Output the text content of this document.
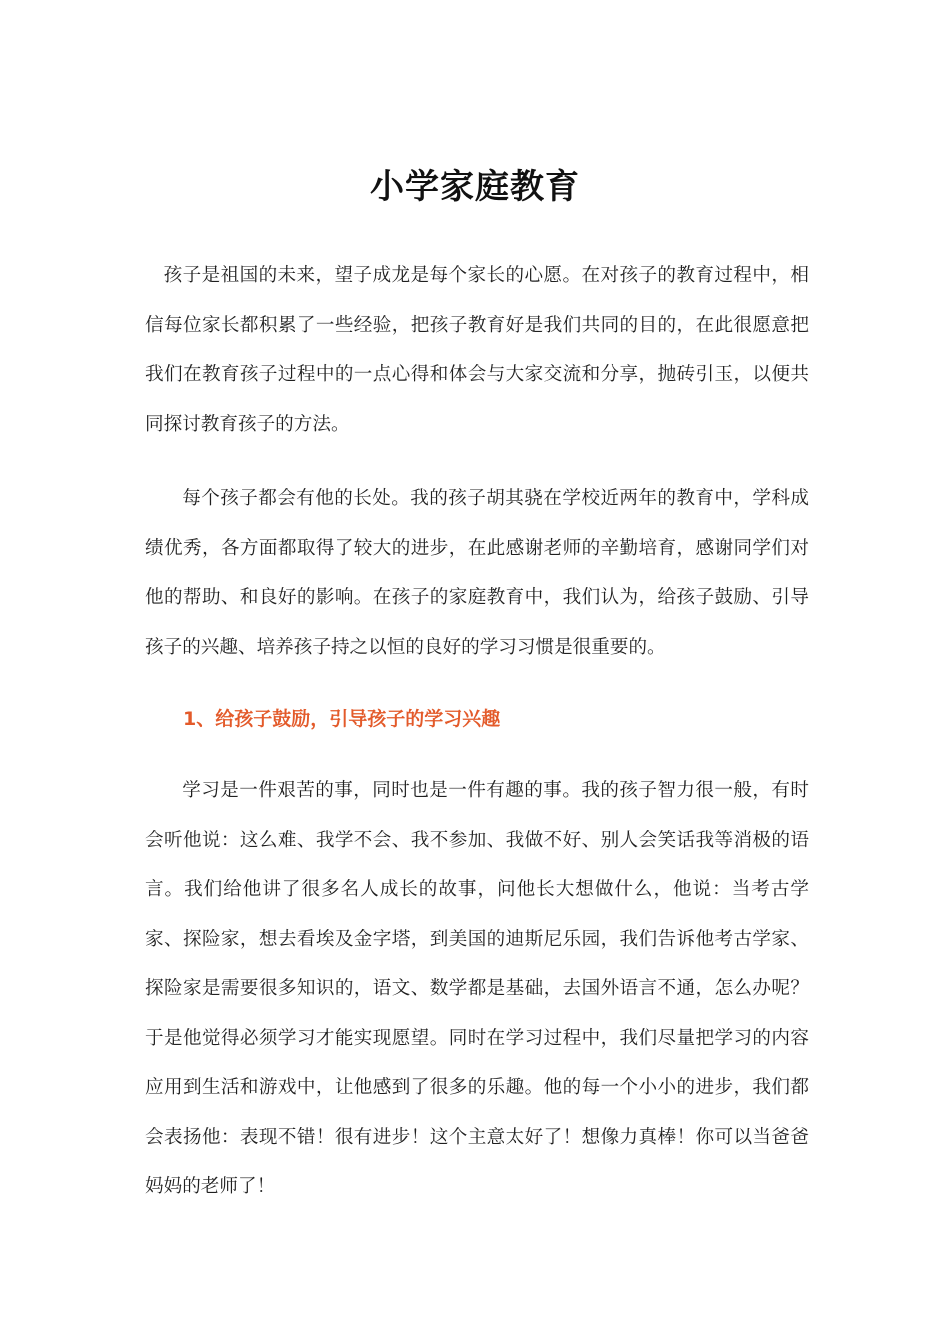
小学家庭教育

孩子是祖国的未来，望子成龙是每个家长的心愿。在对孩子的教育过程中，相信每位家长都积累了一些经验，把孩子教育好是我们共同的目的，在此很愿意把我们在教育孩子过程中的一点心得和体会与大家交流和分享，抛砖引玉，以便共同探讨教育孩子的方法。

每个孩子都会有他的长处。我的孩子胡其骁在学校近两年的教育中，学科成绩优秀，各方面都取得了较大的进步，在此感谢老师的辛勤培育，感谢同学们对他的帮助、和良好的影响。在孩子的家庭教育中，我们认为，给孩子鼓励、引导孩子的兴趣、培养孩子持之以恒的良好的学习习惯是很重要的。

1、给孩子鼓励，引导孩子的学习兴趣

学习是一件艰苦的事，同时也是一件有趣的事。我的孩子智力很一般，有时会听他说：这么难、我学不会、我不参加、我做不好、别人会笑话我等消极的语言。我们给他讲了很多名人成长的故事，问他长大想做什么，他说：当考古学家、探险家，想去看埃及金字塔，到美国的迪斯尼乐园，我们告诉他考古学家、探险家是需要很多知识的，语文、数学都是基础，去国外语言不通，怎么办呢？于是他觉得必须学习才能实现愿望。同时在学习过程中，我们尽量把学习的内容应用到生活和游戏中，让他感到了很多的乐趣。他的每一个小小的进步，我们都会表扬他：表现不错！很有进步！这个主意太好了！想像力真棒！你可以当爸爸妈妈的老师了！
